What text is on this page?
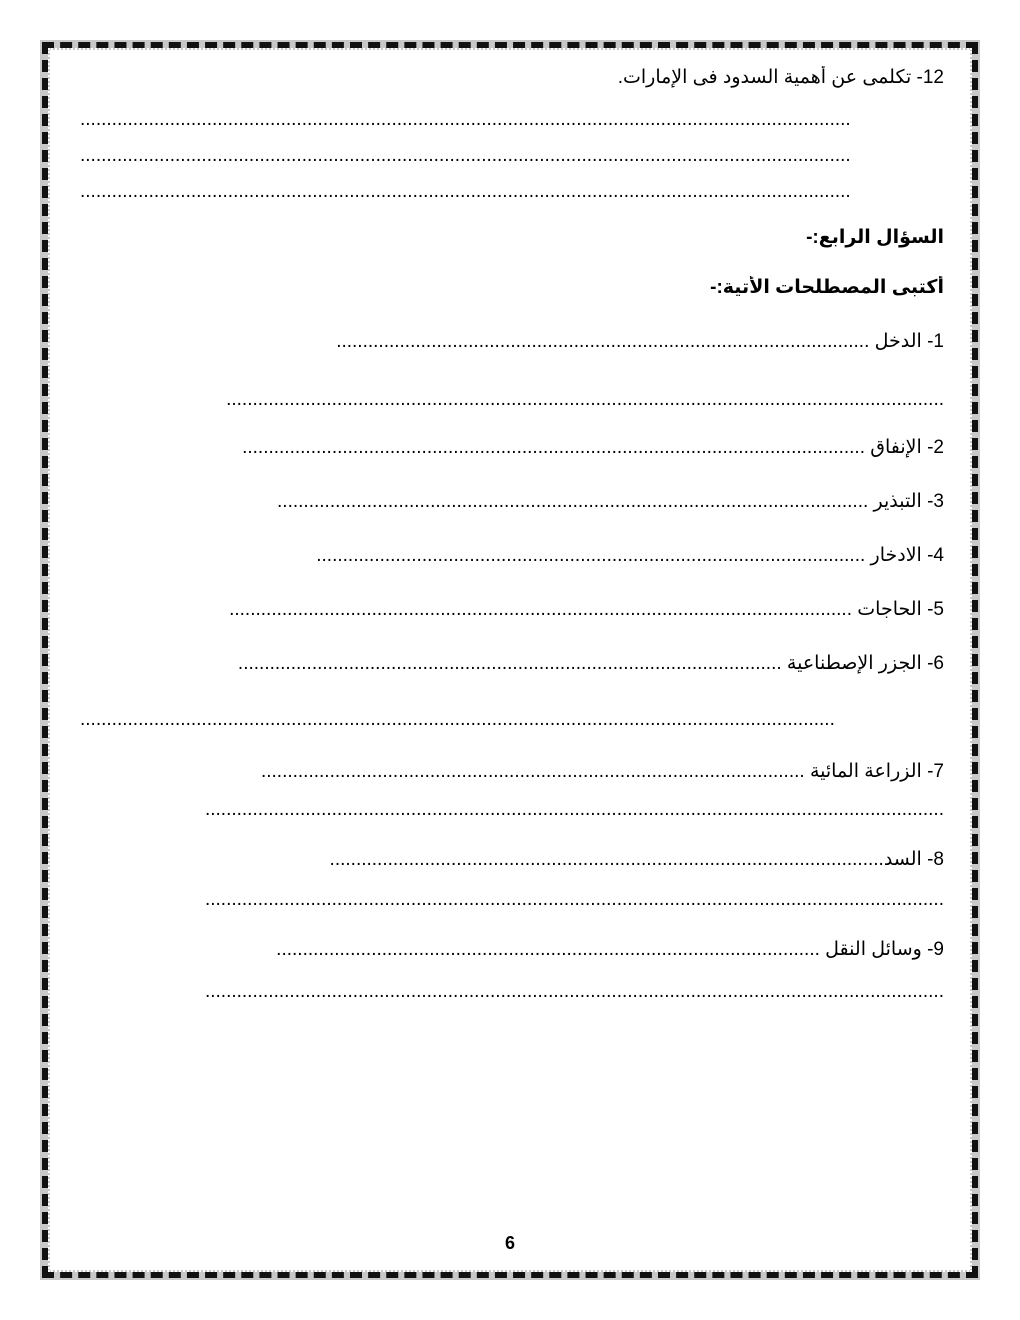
12- تكلمى عن أهمية السدود فى الإمارات.
..................................................................................................................................................
..................................................................................................................................................
..................................................................................................................................................
السؤال الرابع:-
أكتبى المصطلحات الأتية:-
1- الدخل .....................................................................................................
........................................................................................................................................
2- الإنفاق ......................................................................................................................
3- التبذير ................................................................................................................
4- الادخار ........................................................................................................
5- الحاجات ......................................................................................................................
6- الجزر الإصطناعية .......................................................................................................
...............................................................................................................................................
7- الزراعة المائية .......................................................................................................
............................................................................................................................................
8- السد.........................................................................................................
............................................................................................................................................
9- وسائل النقل .......................................................................................................
............................................................................................................................................
6
